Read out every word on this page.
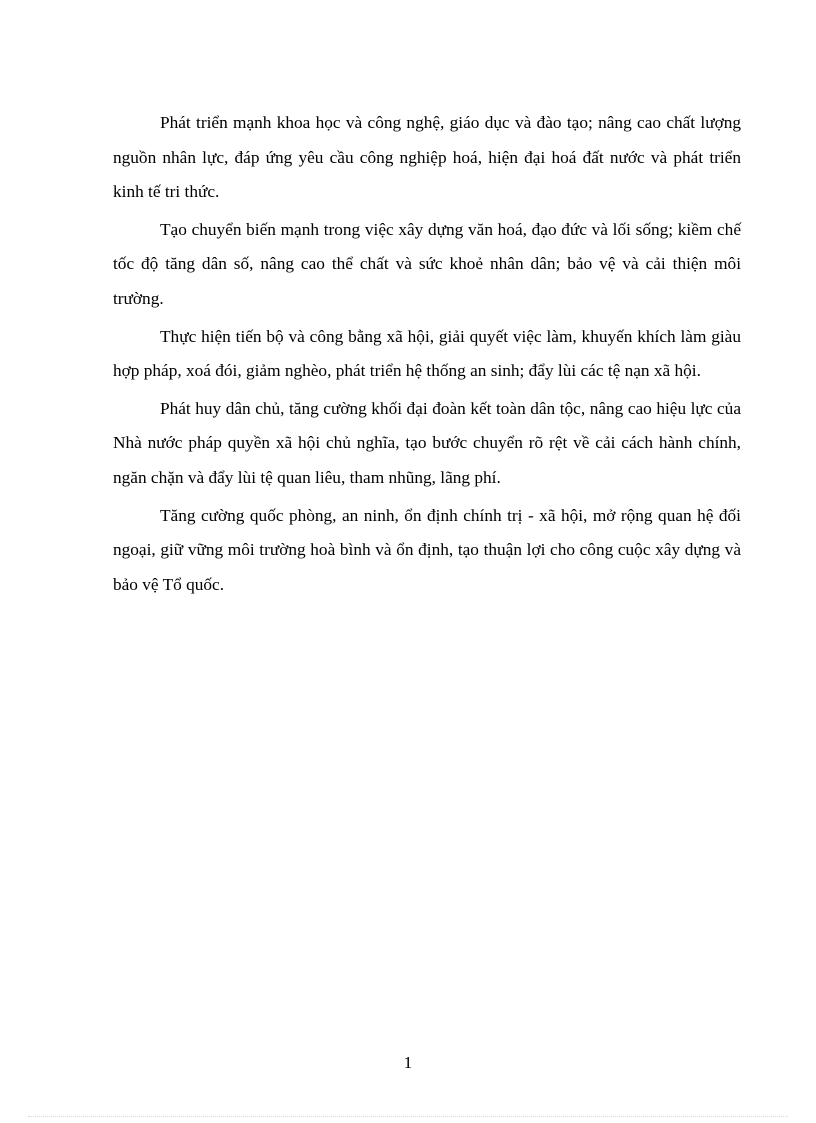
Phát triển mạnh khoa học và công nghệ, giáo dục và đào tạo; nâng cao chất lượng nguồn nhân lực, đáp ứng yêu cầu công nghiệp hoá, hiện đại hoá đất nước và phát triển kinh tế tri thức.

Tạo chuyển biến mạnh trong việc xây dựng văn hoá, đạo đức và lối sống; kiềm chế tốc độ tăng dân số, nâng cao thể chất và sức khoẻ nhân dân; bảo vệ và cải thiện môi trường.

Thực hiện tiến bộ và công bằng xã hội, giải quyết việc làm, khuyến khích làm giàu hợp pháp, xoá đói, giảm nghèo, phát triển hệ thống an sinh; đẩy lùi các tệ nạn xã hội.

Phát huy dân chủ, tăng cường khối đại đoàn kết toàn dân tộc, nâng cao hiệu lực của Nhà nước pháp quyền xã hội chủ nghĩa, tạo bước chuyển rõ rệt về cải cách hành chính, ngăn chặn và đẩy lùi tệ quan liêu, tham nhũng, lãng phí.

Tăng cường quốc phòng, an ninh, ổn định chính trị - xã hội, mở rộng quan hệ đối ngoại, giữ vững môi trường hoà bình và ổn định, tạo thuận lợi cho công cuộc xây dựng và bảo vệ Tổ quốc.

1
